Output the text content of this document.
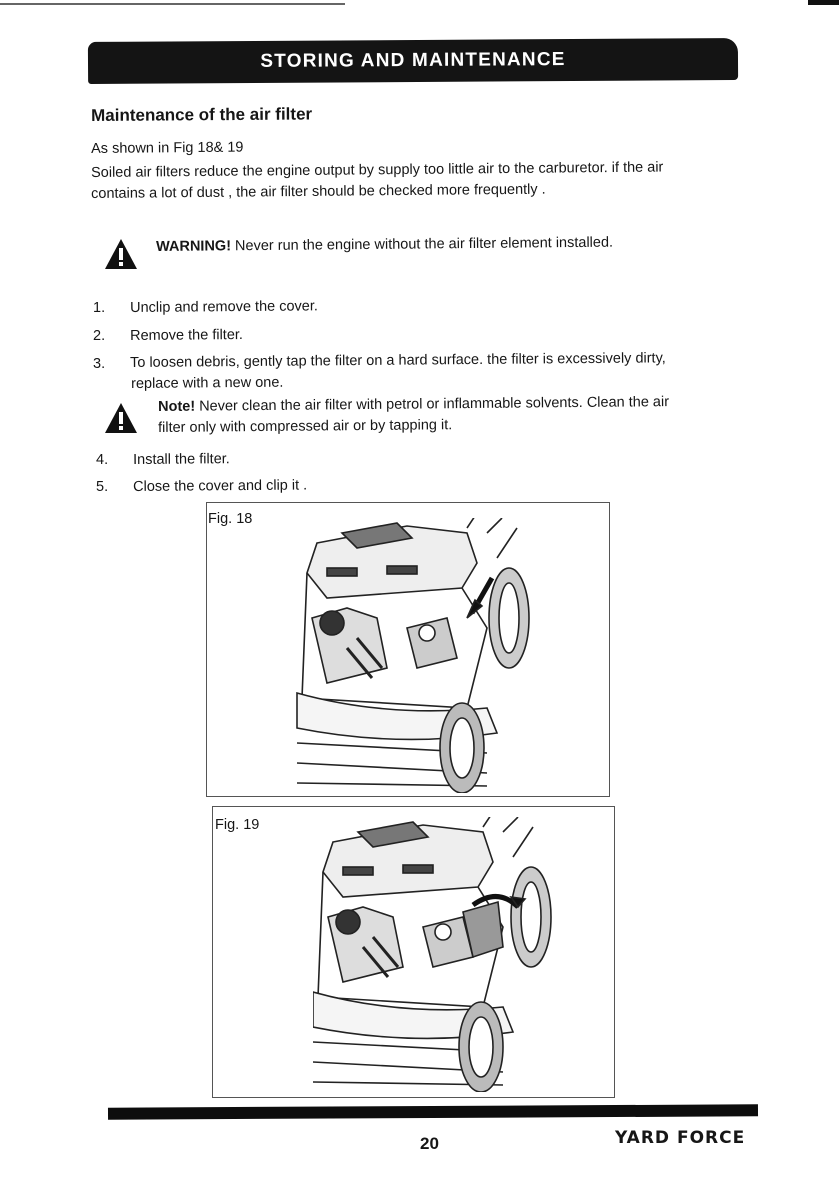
STORING AND MAINTENANCE
Maintenance of the air filter
As shown in Fig 18& 19
Soiled air filters reduce the engine output by supply too little air to the carburetor. if the air
contains a lot of dust , the air filter should be checked more frequently .
WARNING! Never run the engine without the air filter element installed.
1.	Unclip and remove the cover.
2.	Remove the filter.
3.	To loosen debris, gently tap the filter on a hard surface. the filter is excessively dirty,
replace with a new one.
Note! Never clean the air filter with petrol or inflammable solvents. Clean the air
filter only with compressed air or by tapping it.
4.	Install the filter.
5.	Close the cover and clip it .
Fig. 18
Fig. 19
20	YARD FORCE
